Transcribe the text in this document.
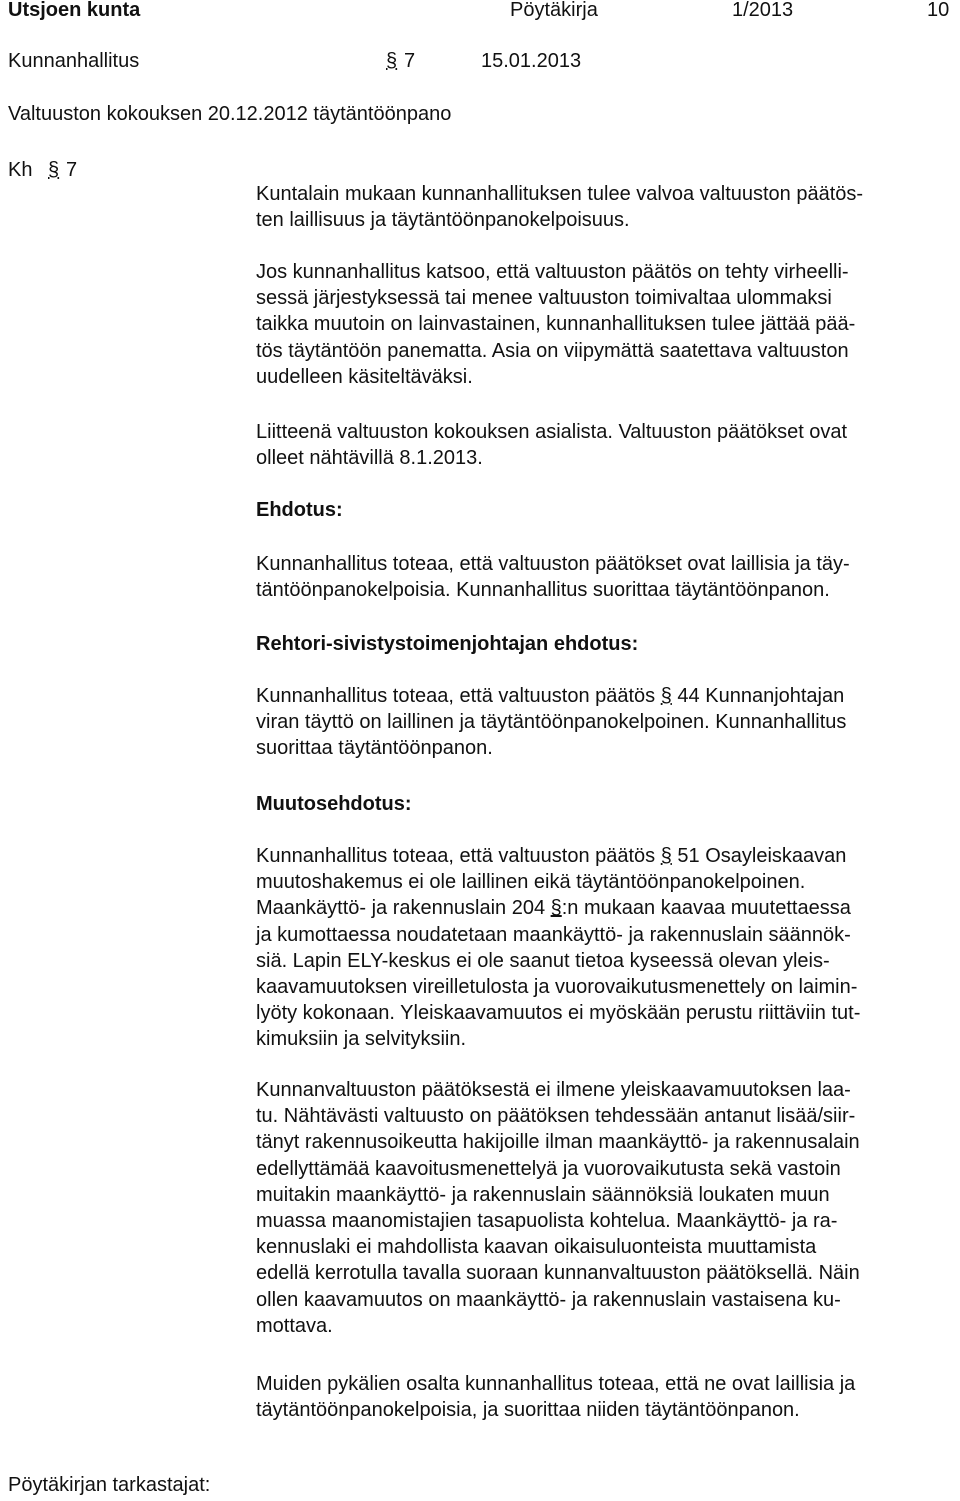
Utsjoen kunta	Pöytäkirja	1/2013	10
Kunnanhallitus	§ 7	15.01.2013
Valtuuston kokouksen 20.12.2012 täytäntöönpano
Kh § 7
Kuntalain mukaan kunnanhallituksen tulee valvoa valtuuston päätös-
ten laillisuus ja täytäntöönpanokelpoisuus.
Jos kunnanhallitus katsoo, että valtuuston päätös on tehty virheelli-
sessä järjestyksessä tai menee valtuuston toimivaltaa ulommaksi
taikka muutoin on lainvastainen, kunnanhallituksen tulee jättää pää-
tös täytäntöön panematta. Asia on viipymättä saatettava valtuuston
uudelleen käsiteltäväksi.
Liitteenä valtuuston kokouksen asialista. Valtuuston päätökset ovat
olleet nähtävillä 8.1.2013.
Ehdotus:
Kunnanhallitus toteaa, että valtuuston päätökset ovat laillisia ja täy-
täntöönpanokelpoisia. Kunnanhallitus suorittaa täytäntöönpanon.
Rehtori-sivistystoimenjohtajan ehdotus:
Kunnanhallitus toteaa, että valtuuston päätös § 44 Kunnanjohtajan
viran täyttö on laillinen ja täytäntöönpanokelpoinen. Kunnanhallitus
suorittaa täytäntöönpanon.
Muutosehdotus:
Kunnanhallitus toteaa, että valtuuston päätös § 51 Osayleiskaavan
muutoshakemus ei ole laillinen eikä täytäntöönpanokelpoinen.
Maankäyttö- ja rakennuslain 204 §:n mukaan kaavaa muutettaessa
ja kumottaessa noudatetaan maankäyttö- ja rakennuslain säännök-
siä. Lapin ELY-keskus ei ole saanut tietoa kyseessä olevan yleis-
kaavamuutoksen vireilletulosta ja vuorovaikutusmenettely on laimin-
lyöty kokonaan. Yleiskaavamuutos ei myöskään perustu riittäviin tut-
kimuksiin ja selvityksiin.
Kunnanvaltuuston päätöksestä ei ilmene yleiskaavamuutoksen laa-
tu. Nähtävästi valtuusto on päätöksen tehdessään antanut lisää/siir-
tänyt rakennusoikeutta hakijoille ilman maankäyttö- ja rakennusalain
edellyttämää kaavoitusmenettelyä ja vuorovaikutusta sekä vastoin
muitakin maankäyttö- ja rakennuslain säännöksiä loukaten muun
muassa maanomistajien tasapuolista kohtelua. Maankäyttö- ja ra-
kennuslaki ei mahdollista kaavan oikaisuluonteista muuttamista
edellä kerrotulla tavalla suoraan kunnanvaltuuston päätöksellä. Näin
ollen kaavamuutos on maankäyttö- ja rakennuslain vastaisena ku-
mottava.
Muiden pykälien osalta kunnanhallitus toteaa, että ne ovat laillisia ja
täytäntöönpanokelpoisia, ja suorittaa niiden täytäntöönpanon.
Pöytäkirjan tarkastajat:
